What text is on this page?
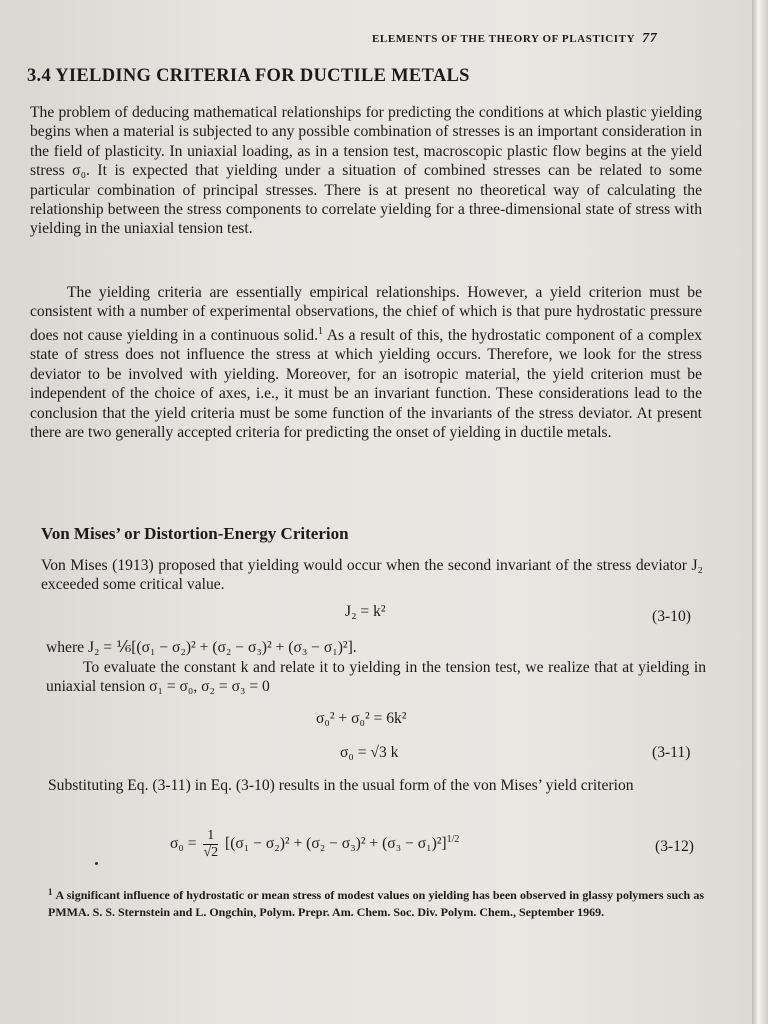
ELEMENTS OF THE THEORY OF PLASTICITY 77
3.4 YIELDING CRITERIA FOR DUCTILE METALS

The problem of deducing mathematical relationships for predicting the conditions at which plastic yielding begins when a material is subjected to any possible combination of stresses is an important consideration in the field of plasticity. In uniaxial loading, as in a tension test, macroscopic plastic flow begins at the yield stress σ₀. It is expected that yielding under a situation of combined stresses can be related to some particular combination of principal stresses. There is at present no theoretical way of calculating the relationship between the stress components to correlate yielding for a three-dimensional state of stress with yielding in the uniaxial tension test.

The yielding criteria are essentially empirical relationships. However, a yield criterion must be consistent with a number of experimental observations, the chief of which is that pure hydrostatic pressure does not cause yielding in a continuous solid.$^1$ As a result of this, the hydrostatic component of a complex state of stress does not influence the stress at which yielding occurs. Therefore, we look for the stress deviator to be involved with yielding. Moreover, for an isotropic material, the yield criterion must be independent of the choice of axes, i.e., it must be an invariant function. These considerations lead to the conclusion that the yield criteria must be some function of the invariants of the stress deviator. At present there are two generally accepted criteria for predicting the onset of yielding in ductile metals.

Von Mises’ or Distortion-Energy Criterion

Von Mises (1913) proposed that yielding would occur when the second invariant of the stress deviator J₂ exceeded some critical value.

J₂ = k²	(3-10)
where J₂ = ⅙[(σ₁ − σ₂)² + (σ₂ − σ₃)² + (σ₃ − σ₁)²].

To evaluate the constant k and relate it to yielding in the tension test, we realize that at yielding in uniaxial tension σ₁ = σ₀, σ₂ = σ₃ = 0

σ₀² + σ₀² = 6k²
σ₀ = √3 k	(3-11)

Substituting Eq. (3-11) in Eq. (3-10) results in the usual form of the von Mises’ yield criterion

$\sigma_0 = \frac{1}{√2} [(\sigma_1 - \sigma_2)^2 + (\sigma_2 - \sigma_3)^2 + (\sigma_3 - \sigma_1)^2]^{1/2}$	(3-12)

$^1$ A significant influence of hydrostatic or mean stress of modest values on yielding has been observed in glassy polymers such as PMMA. S. S. Sternstein and L. Ongchin, Polym. Prepr. Am. Chem. Soc. Div. Polym. Chem., September 1969.
